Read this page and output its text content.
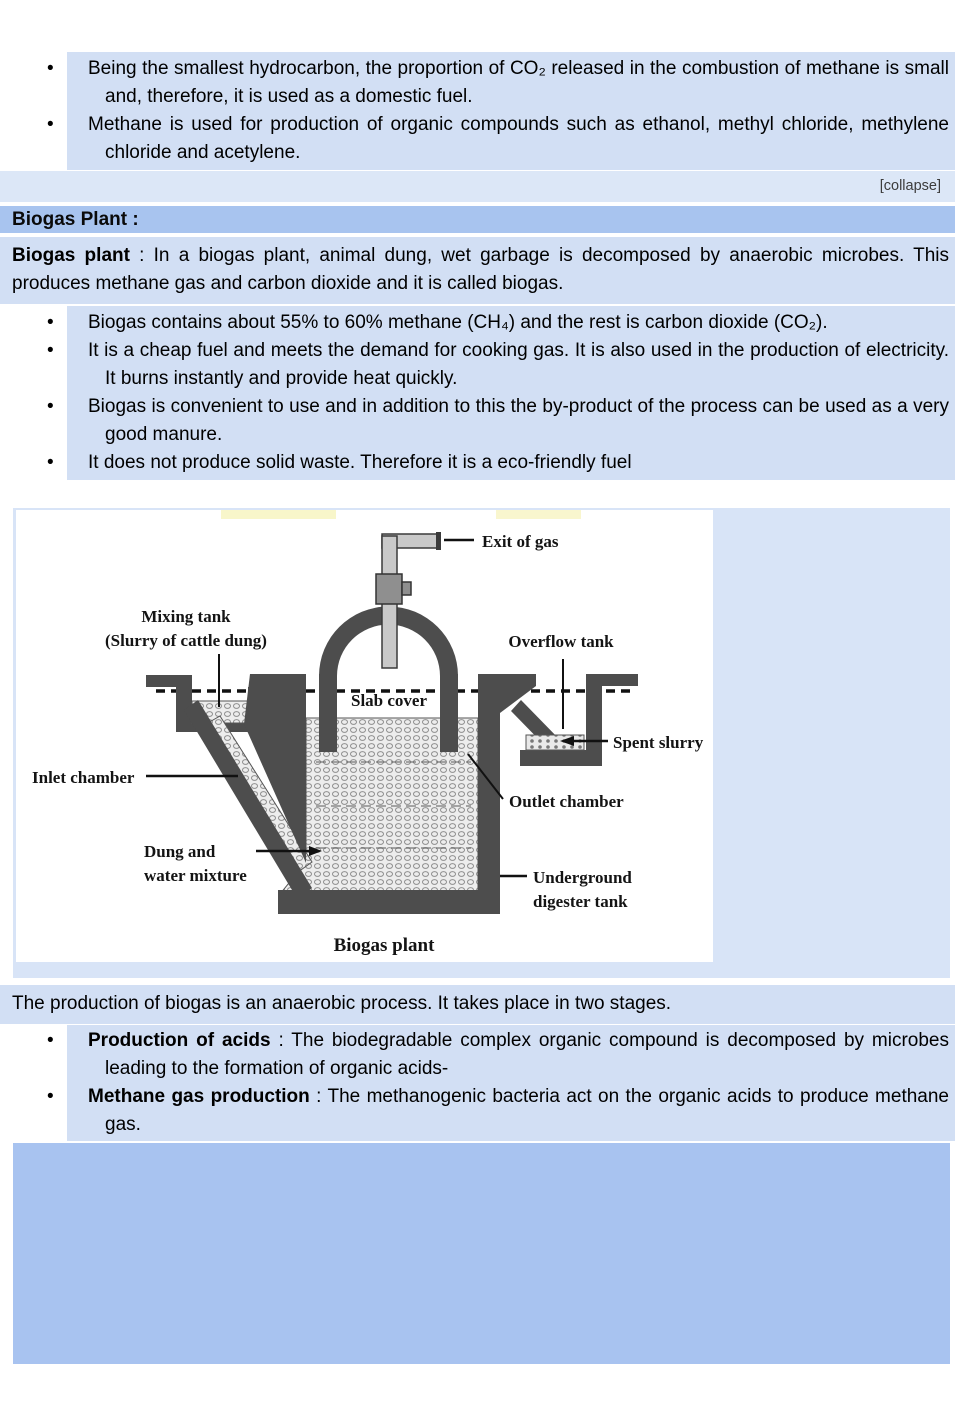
• Being the smallest hydrocarbon, the proportion of CO₂ released in the combustion of methane is small and, therefore, it is used as a domestic fuel.
• Methane is used for production of organic compounds such as ethanol, methyl chloride, methylene chloride and acetylene.
[collapse]
Biogas Plant :

Biogas plant : In a biogas plant, animal dung, wet garbage is decomposed by anaerobic microbes. This produces methane gas and carbon dioxide and it is called biogas.

• Biogas contains about 55% to 60% methane (CH₄) and the rest is carbon dioxide (CO₂).
• It is a cheap fuel and meets the demand for cooking gas. It is also used in the production of electricity. It burns instantly and provide heat quickly.
• Biogas is convenient to use and in addition to this the by-product of the process can be used as a very good manure.
• It does not produce solid waste. Therefore it is a eco-friendly fuel
Exit of gas
Mixing tank
(Slurry of cattle dung)
Slab cover
Overflow tank
Spent slurry
Inlet chamber
Dung and
water mixture
Outlet chamber
Underground
digester tank
Biogas plant

The production of biogas is an anaerobic process. It takes place in two stages.

• Production of acids : The biodegradable complex organic compound is decomposed by microbes leading to the formation of organic acids-
• Methane gas production : The methanogenic bacteria act on the organic acids to produce methane gas.
